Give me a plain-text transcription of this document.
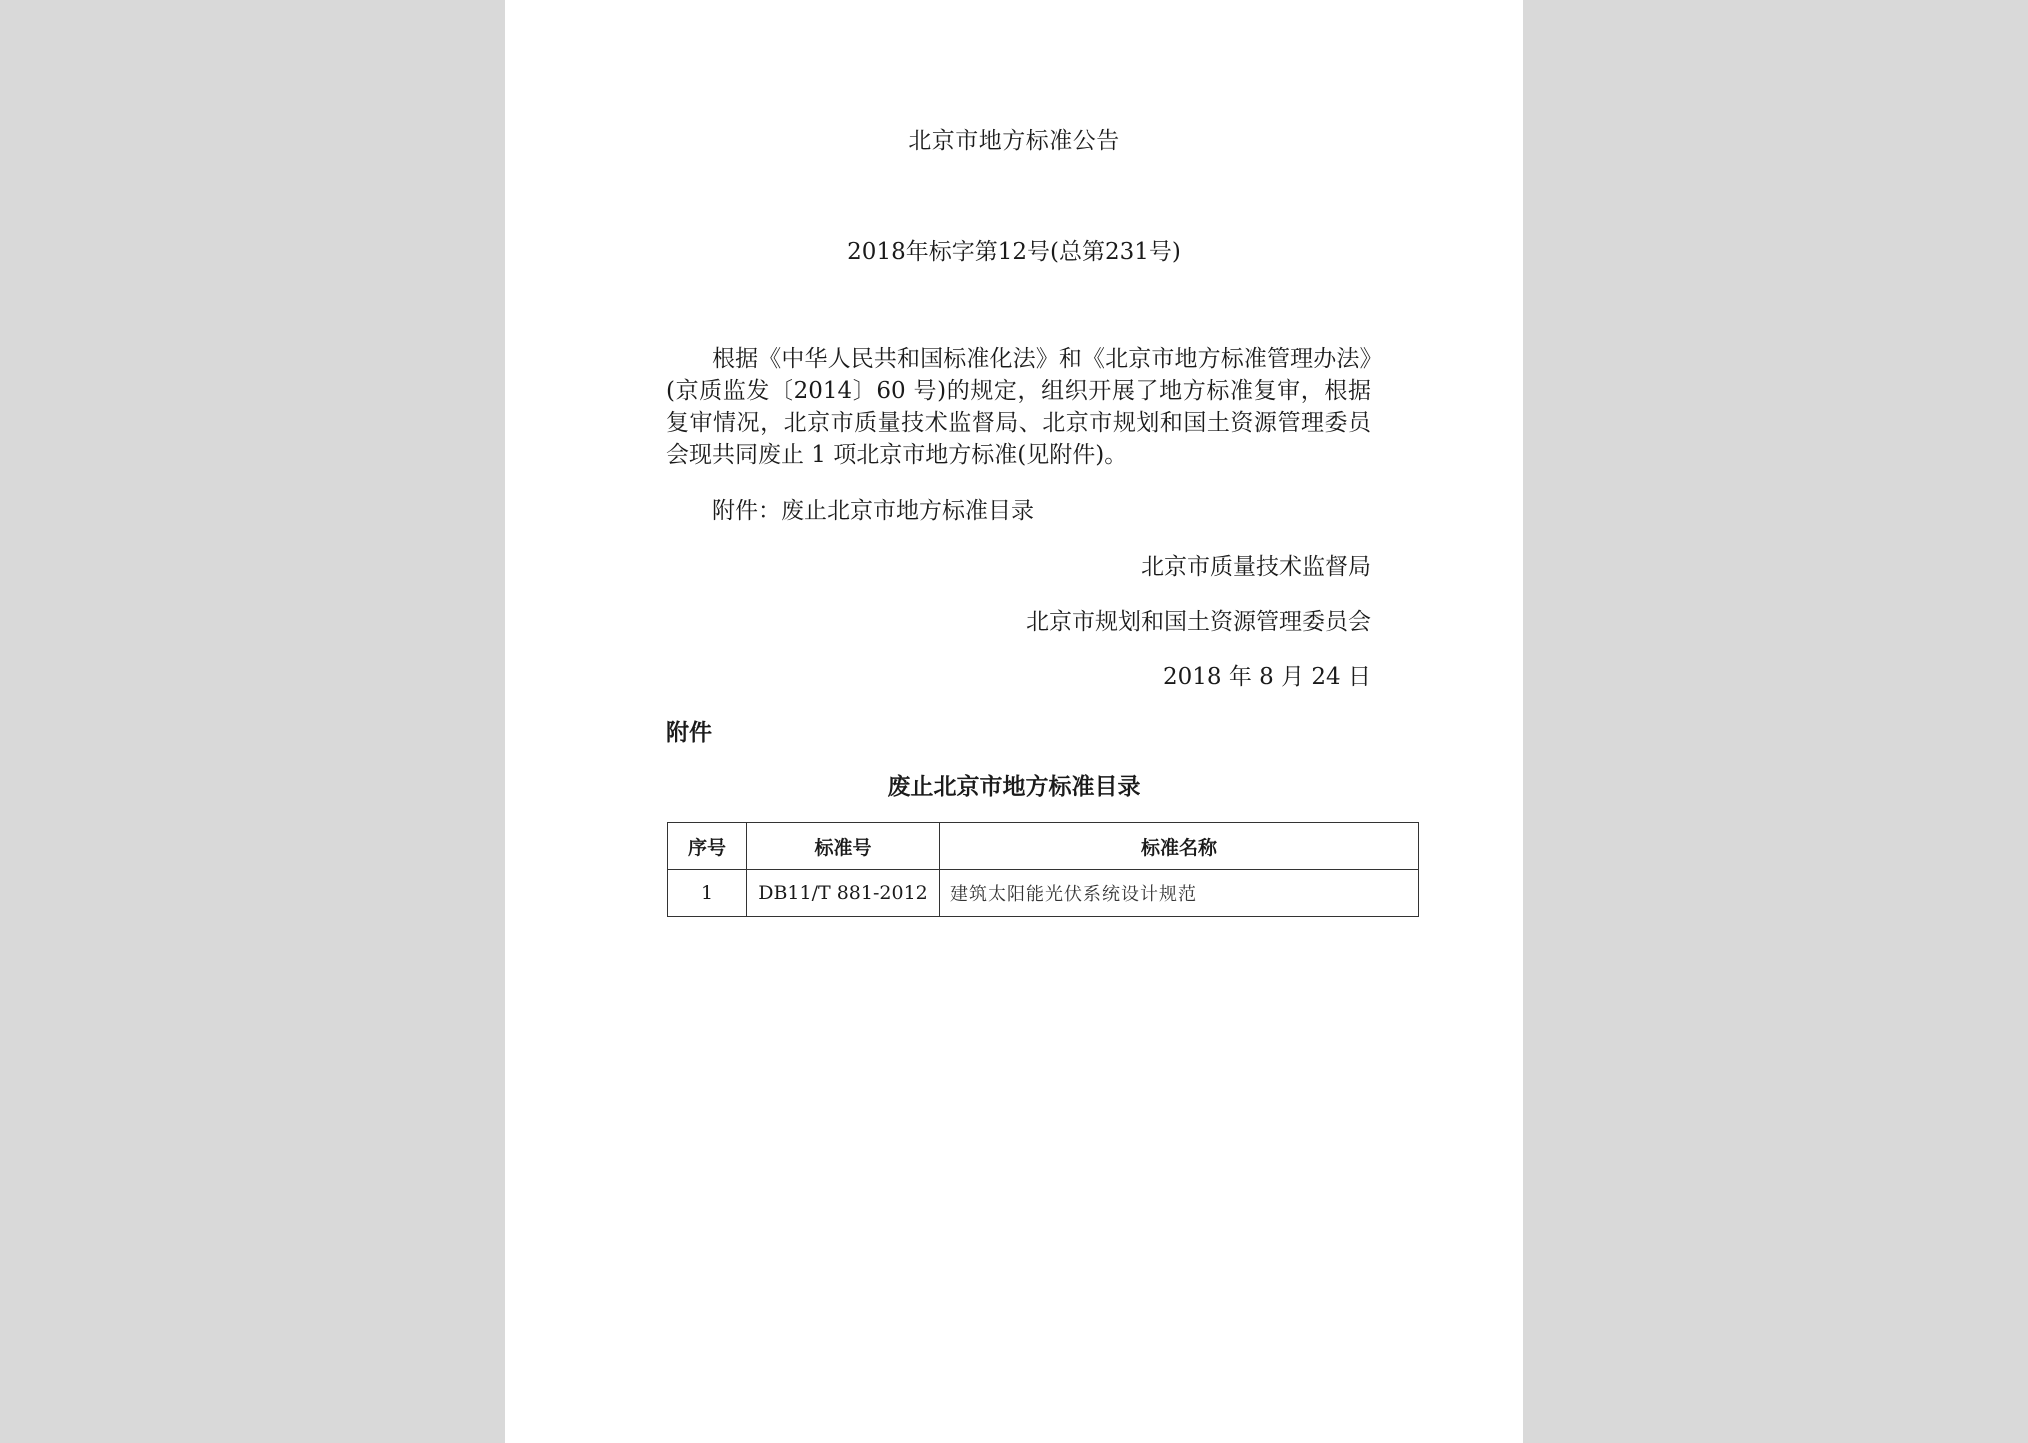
北京市地方标准公告
2018年标字第12号(总第231号)
根据《中华人民共和国标准化法》和《北京市地方标准管理办法》(京质监发〔2014〕60 号)的规定，组织开展了地方标准复审，根据复审情况，北京市质量技术监督局、北京市规划和国土资源管理委员会现共同废止 1 项北京市地方标准(见附件)。
附件：废止北京市地方标准目录
北京市质量技术监督局
北京市规划和国土资源管理委员会
2018 年 8 月 24 日
附件
废止北京市地方标准目录
序号	标准号	标准名称
1	DB11/T 881-2012	建筑太阳能光伏系统设计规范
